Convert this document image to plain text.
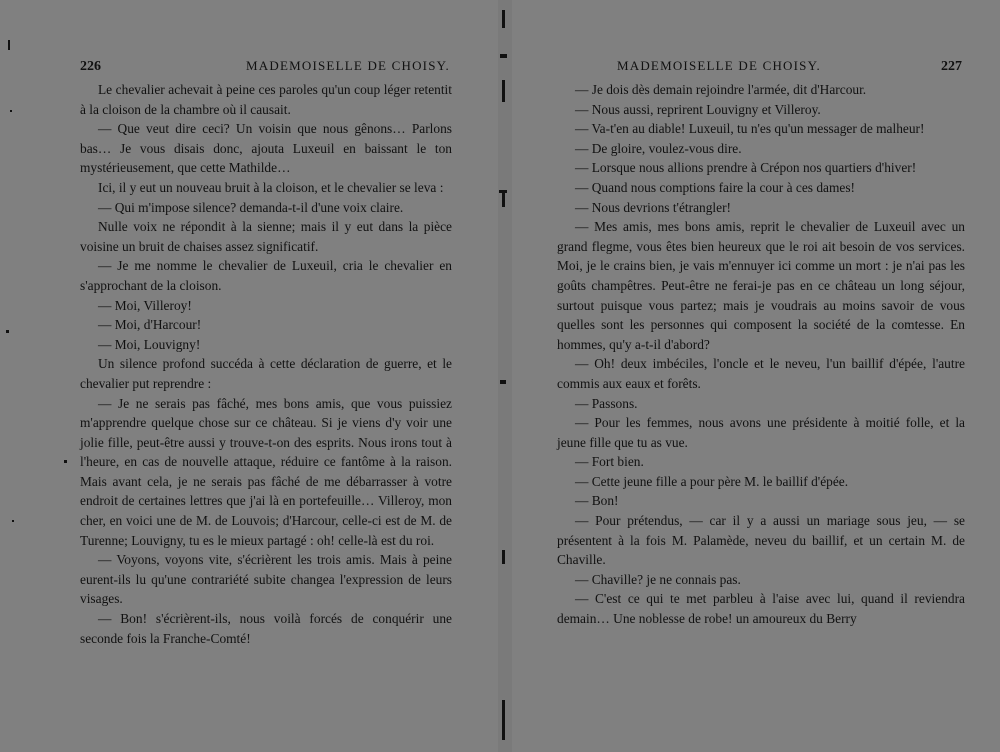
226	MADEMOISELLE DE CHOISY.

Le chevalier achevait à peine ces paroles qu'un coup léger retentit à la cloison de la chambre où il causait.

— Que veut dire ceci? Un voisin que nous gênons… Parlons bas… Je vous disais donc, ajouta Luxeuil en baissant le ton mystérieusement, que cette Mathilde…

Ici, il y eut un nouveau bruit à la cloison, et le chevalier se leva :

— Qui m'impose silence? demanda-t-il d'une voix claire.

Nulle voix ne répondit à la sienne; mais il y eut dans la pièce voisine un bruit de chaises assez significatif.

— Je me nomme le chevalier de Luxeuil, cria le chevalier en s'approchant de la cloison.

— Moi, Villeroy!

— Moi, d'Harcour!

— Moi, Louvigny!

Un silence profond succéda à cette déclaration de guerre, et le chevalier put reprendre :

— Je ne serais pas fâché, mes bons amis, que vous puissiez m'apprendre quelque chose sur ce château. Si je viens d'y voir une jolie fille, peut-être aussi y trouve-t-on des esprits. Nous irons tout à l'heure, en cas de nouvelle attaque, réduire ce fantôme à la raison. Mais avant cela, je ne serais pas fâché de me débarrasser à votre endroit de certaines lettres que j'ai là en portefeuille… Villeroy, mon cher, en voici une de M. de Louvois; d'Harcour, celle-ci est de M. de Turenne; Louvigny, tu es le mieux partagé : oh! celle-là est du roi.

— Voyons, voyons vite, s'écrièrent les trois amis. Mais à peine eurent-ils lu qu'une contrariété subite changea l'expression de leurs visages.

— Bon! s'écrièrent-ils, nous voilà forcés de conquérir une seconde fois la Franche-Comté!

MADEMOISELLE DE CHOISY.	227

— Je dois dès demain rejoindre l'armée, dit d'Harcour.

— Nous aussi, reprirent Louvigny et Villeroy.

— Va-t'en au diable! Luxeuil, tu n'es qu'un messager de malheur!

— De gloire, voulez-vous dire.

— Lorsque nous allions prendre à Crépon nos quartiers d'hiver!

— Quand nous comptions faire la cour à ces dames!

— Nous devrions t'étrangler!

— Mes amis, mes bons amis, reprit le chevalier de Luxeuil avec un grand flegme, vous êtes bien heureux que le roi ait besoin de vos services. Moi, je le crains bien, je vais m'ennuyer ici comme un mort : je n'ai pas les goûts champêtres. Peut-être ne ferai-je pas en ce château un long séjour, surtout puisque vous partez; mais je voudrais au moins savoir de vous quelles sont les personnes qui composent la société de la comtesse. En hommes, qu'y a-t-il d'abord?

— Oh! deux imbéciles, l'oncle et le neveu, l'un baillif d'épée, l'autre commis aux eaux et forêts.

— Passons.

— Pour les femmes, nous avons une présidente à moitié folle, et la jeune fille que tu as vue.

— Fort bien.

— Cette jeune fille a pour père M. le baillif d'épée.

— Bon!

— Pour prétendus, — car il y a aussi un mariage sous jeu, — se présentent à la fois M. Palamède, neveu du baillif, et un certain M. de Chaville.

— Chaville? je ne connais pas.

— C'est ce qui te met parbleu à l'aise avec lui, quand il reviendra demain… Une noblesse de robe! un amoureux du Berry
